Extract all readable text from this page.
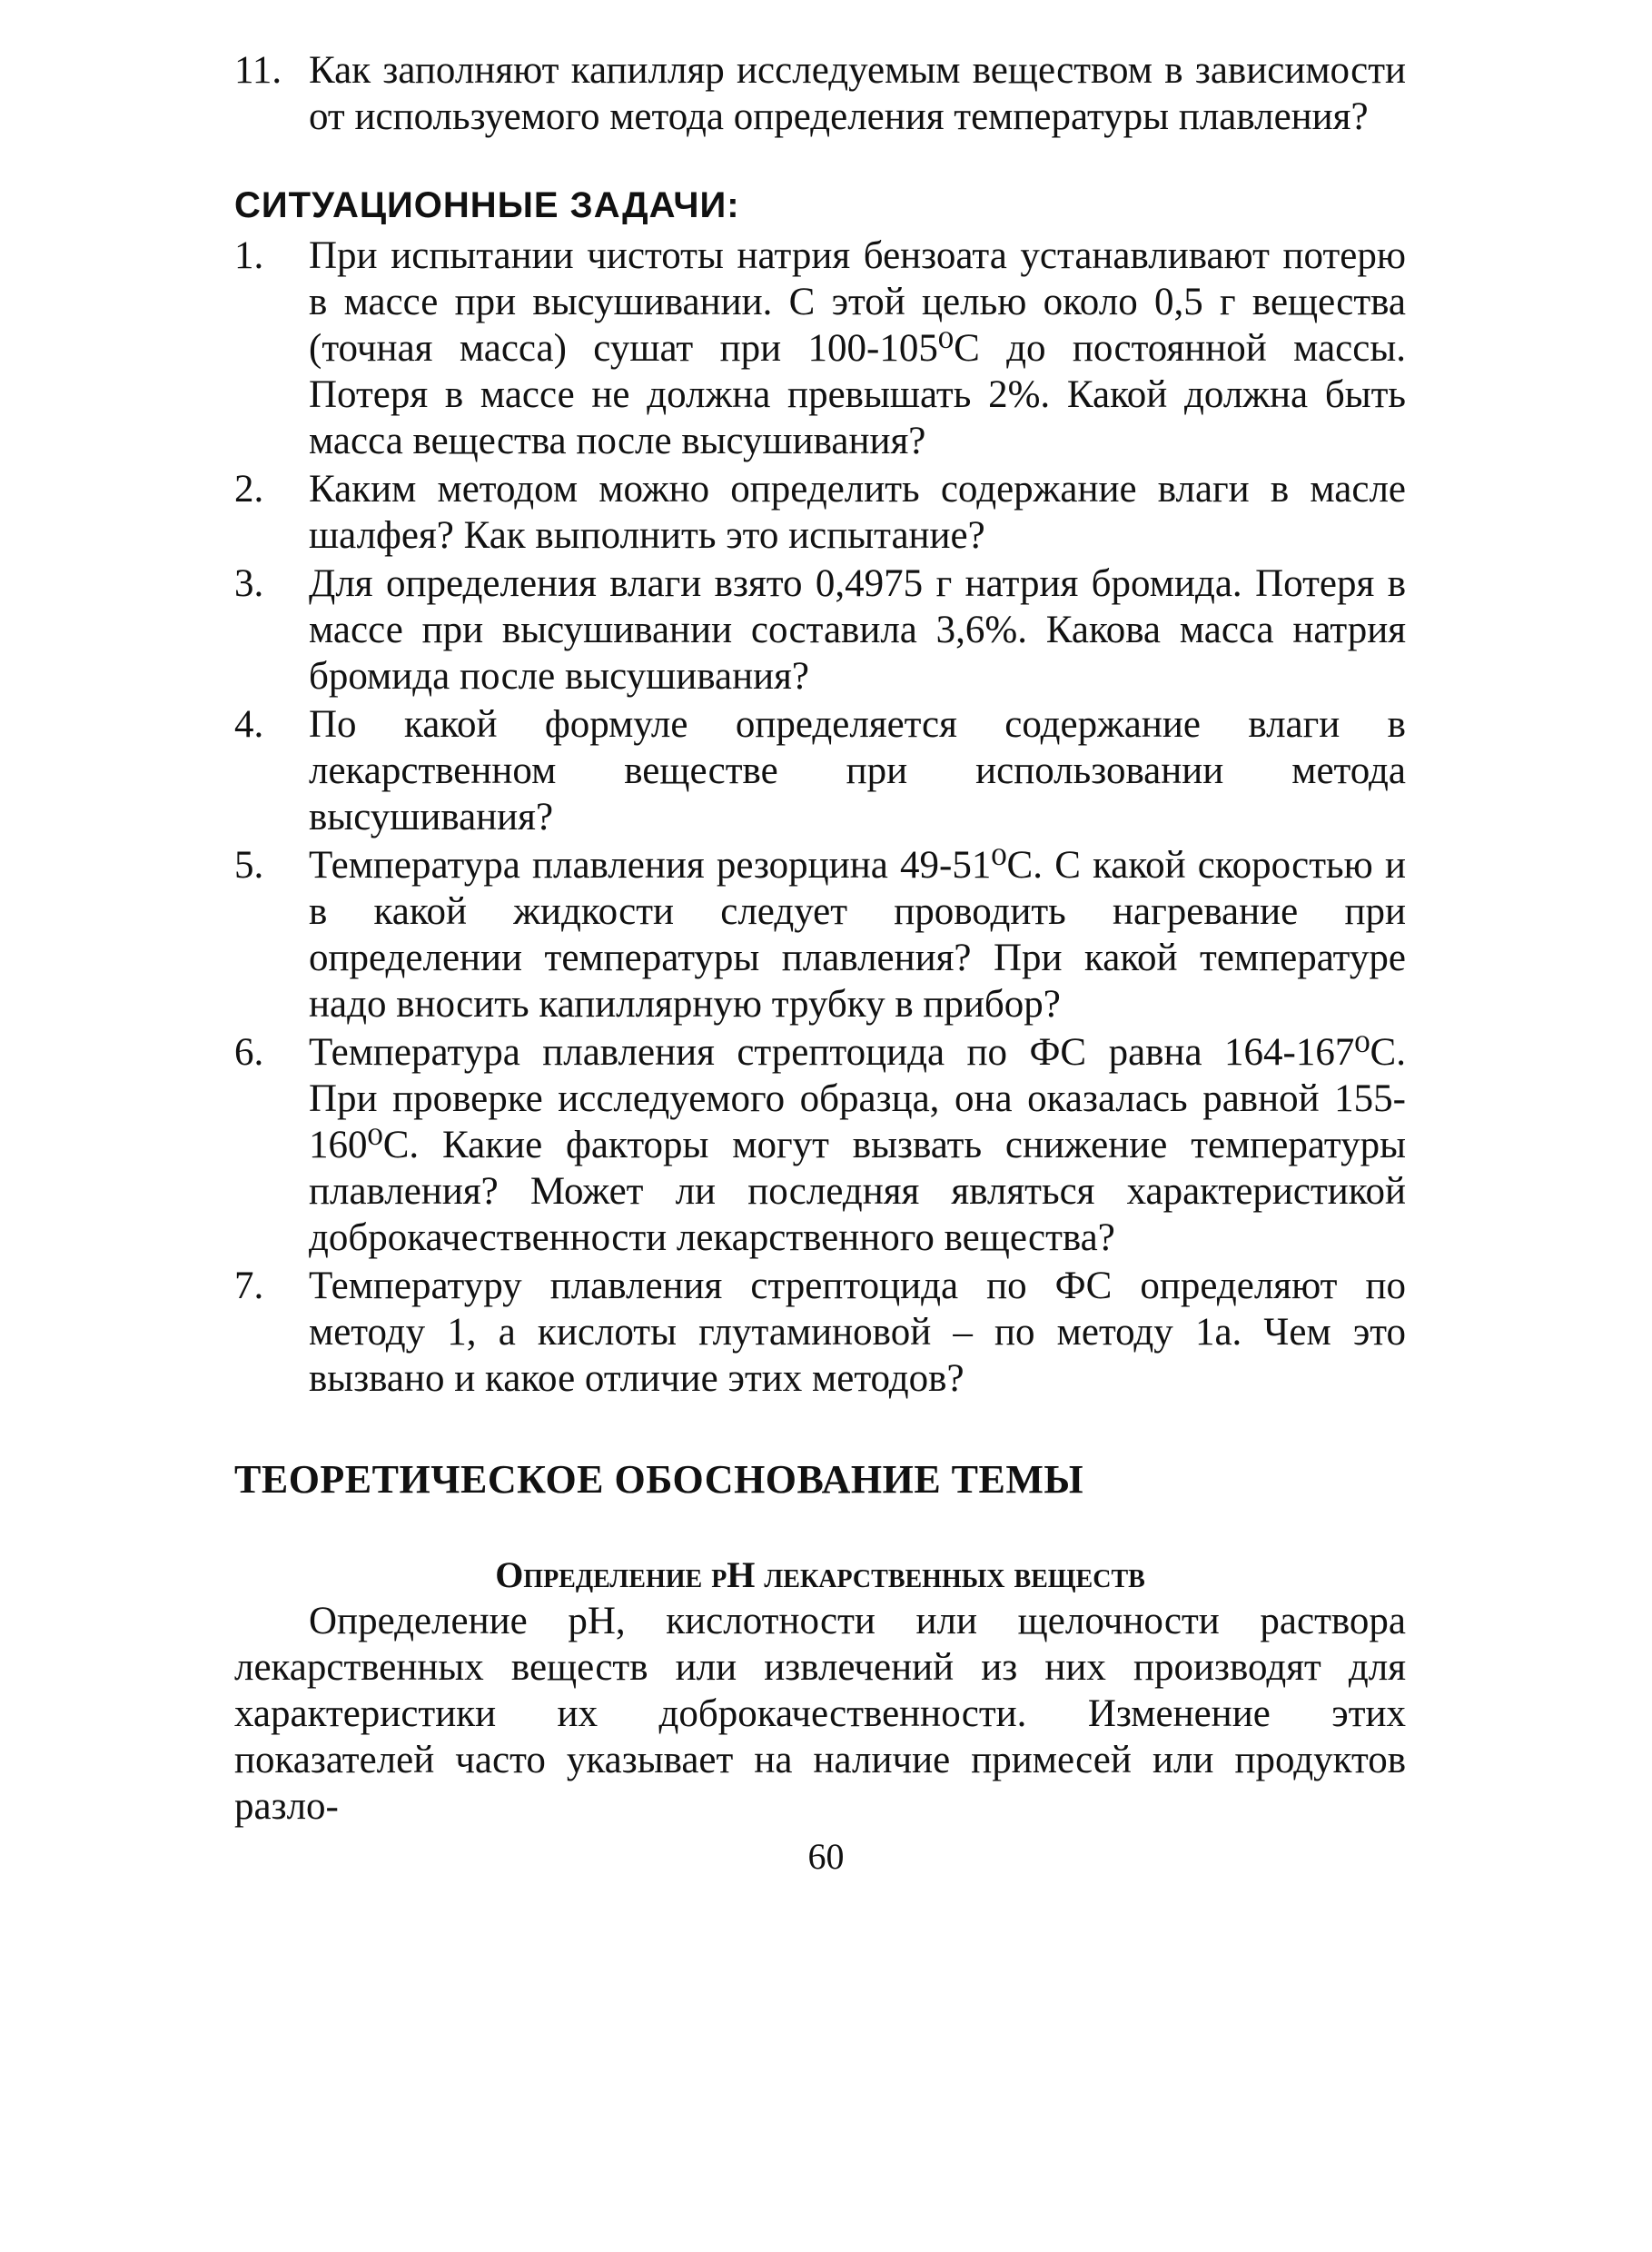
11. Как заполняют капилляр исследуемым веществом в зависимости от используемого метода определения температуры плавления?
СИТУАЦИОННЫЕ ЗАДАЧИ:
1.	При испытании чистоты натрия бензоата устанавливают потерю в массе при высушивании. С этой целью около 0,5 г вещества (точная масса) сушат при 100-105⁰С до постоянной массы. Потеря в массе не должна превышать 2%. Какой должна быть масса вещества после высушивания?
2.	Каким методом можно определить содержание влаги в масле шалфея? Как выполнить это испытание?
3.	Для определения влаги взято 0,4975 г натрия бромида. Потеря в массе при высушивании составила 3,6%. Какова масса натрия бромида после высушивания?
4.	По какой формуле определяется содержание влаги в лекарственном веществе при использовании метода высушивания?
5.	Температура плавления резорцина 49-51⁰С. С какой скоростью и в какой жидкости следует проводить нагревание при определении температуры плавления? При какой температуре надо вносить капиллярную трубку в прибор?
6.	Температура плавления стрептоцида по ФС равна 164-167⁰С. При проверке исследуемого образца, она оказалась равной 155-160⁰С. Какие факторы могут вызвать снижение температуры плавления? Может ли последняя являться характеристикой доброкачественности лекарственного вещества?
7.	Температуру плавления стрептоцида по ФС определяют по методу 1, а кислоты глутаминовой – по методу 1а. Чем это вызвано и какое отличие этих методов?
ТЕОРЕТИЧЕСКОЕ ОБОСНОВАНИЕ ТЕМЫ
Определение рН лекарственных веществ
Определение рН, кислотности или щелочности раствора лекарственных веществ или извлечений из них производят для характеристики их доброкачественности. Изменение этих показателей часто указывает на наличие примесей или продуктов разло-
60
